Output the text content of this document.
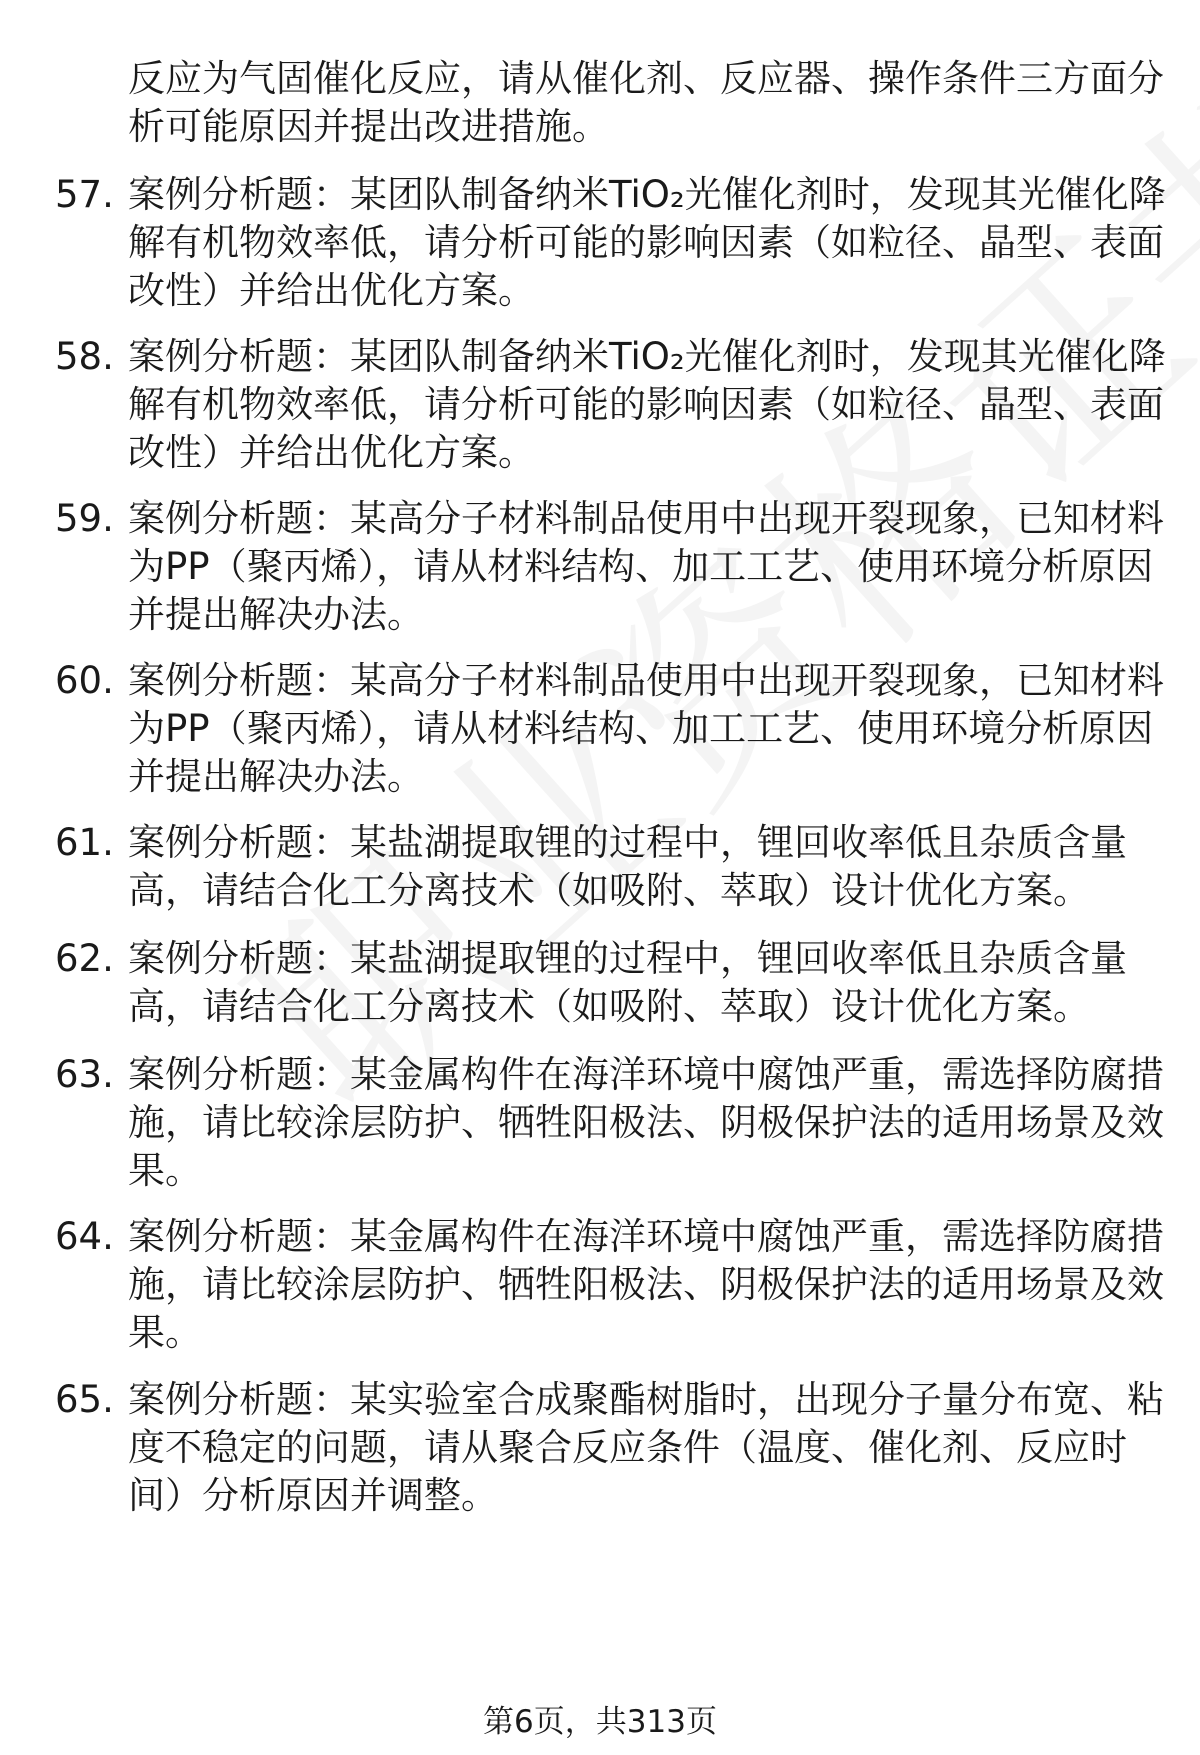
反应为气固催化反应，请从催化剂、反应器、操作条件三方面分
析可能原因并提出改进措施。
57. 案例分析题：某团队制备纳米TiO₂光催化剂时，发现其光催化降
解有机物效率低，请分析可能的影响因素（如粒径、晶型、表面
改性）并给出优化方案。
58. 案例分析题：某团队制备纳米TiO₂光催化剂时，发现其光催化降
解有机物效率低，请分析可能的影响因素（如粒径、晶型、表面
改性）并给出优化方案。
59. 案例分析题：某高分子材料制品使用中出现开裂现象，已知材料
为PP（聚丙烯），请从材料结构、加工工艺、使用环境分析原因
并提出解决办法。
60. 案例分析题：某高分子材料制品使用中出现开裂现象，已知材料
为PP（聚丙烯），请从材料结构、加工工艺、使用环境分析原因
并提出解决办法。
61. 案例分析题：某盐湖提取锂的过程中，锂回收率低且杂质含量
高，请结合化工分离技术（如吸附、萃取）设计优化方案。
62. 案例分析题：某盐湖提取锂的过程中，锂回收率低且杂质含量
高，请结合化工分离技术（如吸附、萃取）设计优化方案。
63. 案例分析题：某金属构件在海洋环境中腐蚀严重，需选择防腐措
施，请比较涂层防护、牺牲阳极法、阴极保护法的适用场景及效
果。
64. 案例分析题：某金属构件在海洋环境中腐蚀严重，需选择防腐措
施，请比较涂层防护、牺牲阳极法、阴极保护法的适用场景及效
果。
65. 案例分析题：某实验室合成聚酯树脂时，出现分子量分布宽、粘
度不稳定的问题，请从聚合反应条件（温度、催化剂、反应时
间）分析原因并调整。
第6页，共313页
